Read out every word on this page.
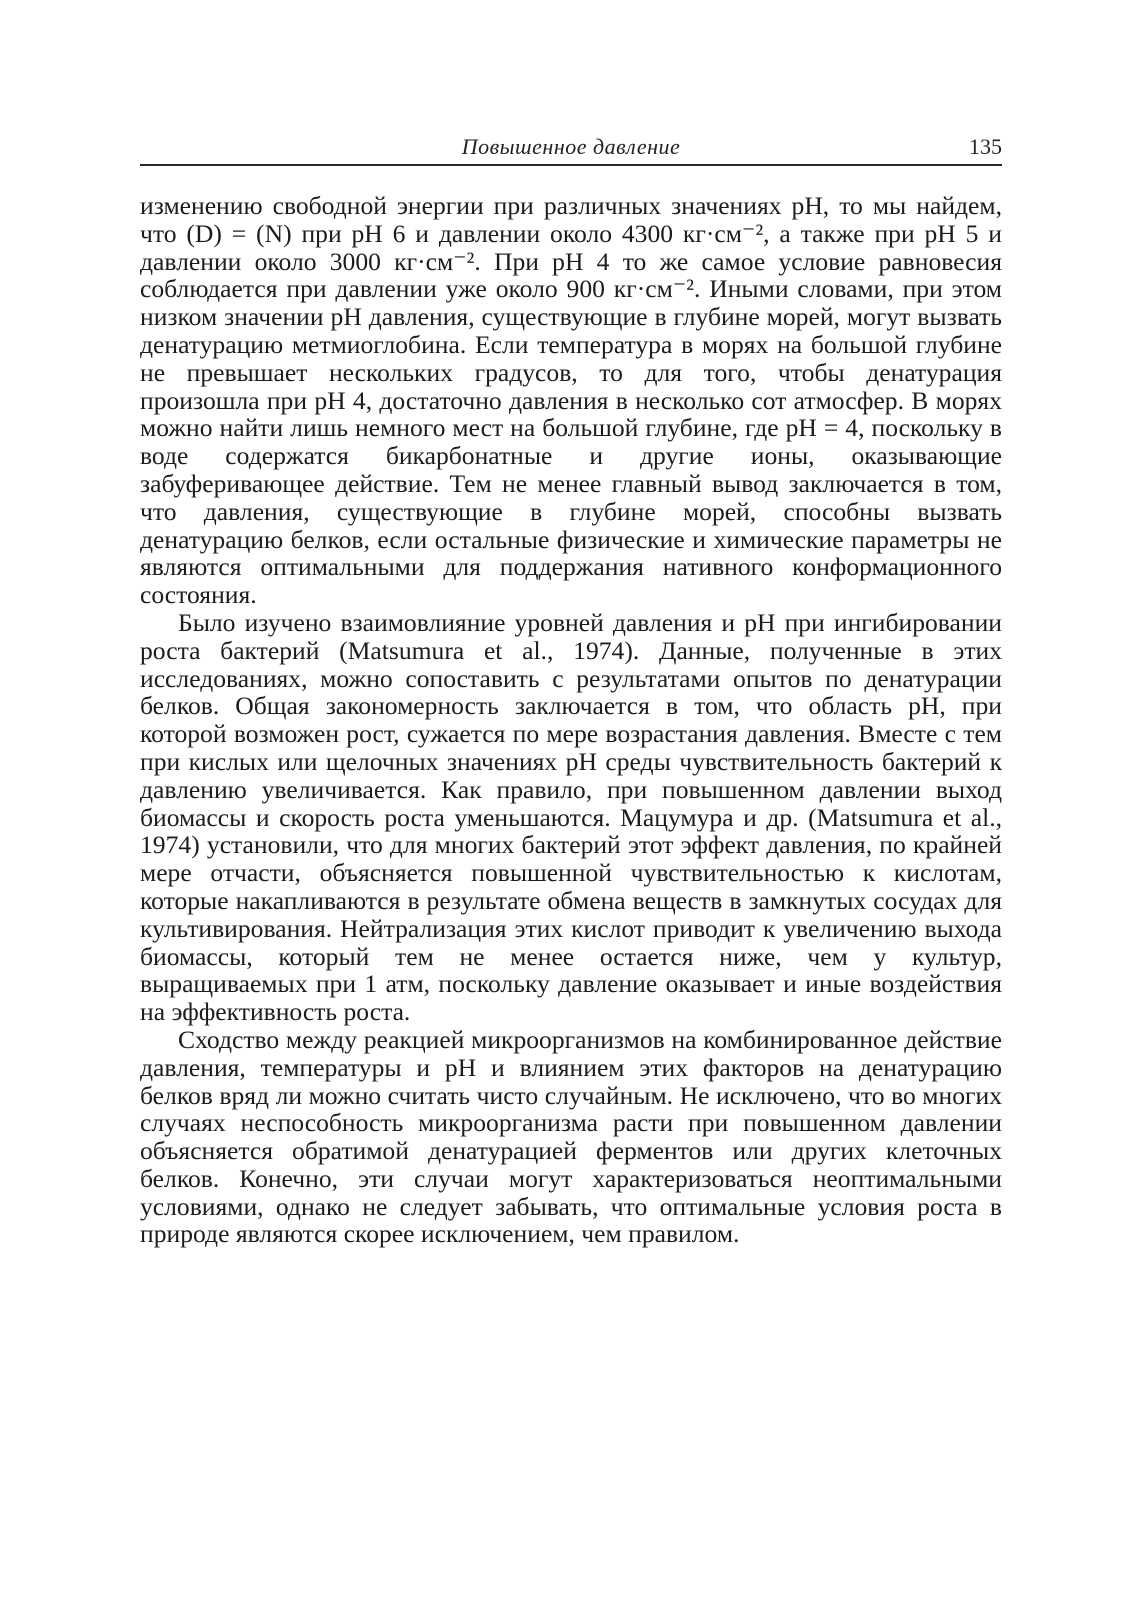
Повышенное давление	135

изменению свободной энергии при различных значениях pH, то мы найдем, что (D) = (N) при pH 6 и давлении около 4300 кг·см⁻², а также при pH 5 и давлении около 3000 кг·см⁻². При pH 4 то же самое условие равновесия соблюдается при давлении уже около 900 кг·см⁻². Иными словами, при этом низком значении pH давления, существующие в глубине морей, могут вызвать денатурацию метмиоглобина. Если температура в морях на большой глубине не превышает нескольких градусов, то для того, чтобы денатурация произошла при pH 4, достаточно давления в несколько сот атмосфер. В морях можно найти лишь немного мест на большой глубине, где pH = 4, поскольку в воде содержатся бикарбонатные и другие ионы, оказывающие забуферивающее действие. Тем не менее главный вывод заключается в том, что давления, существующие в глубине морей, способны вызвать денатурацию белков, если остальные физические и химические параметры не являются оптимальными для поддержания нативного конформационного состояния.

Было изучено взаимовлияние уровней давления и pH при ингибировании роста бактерий (Matsumura et al., 1974). Данные, полученные в этих исследованиях, можно сопоставить с результатами опытов по денатурации белков. Общая закономерность заключается в том, что область pH, при которой возможен рост, сужается по мере возрастания давления. Вместе с тем при кислых или щелочных значениях pH среды чувствительность бактерий к давлению увеличивается. Как правило, при повышенном давлении выход биомассы и скорость роста уменьшаются. Мацумура и др. (Matsumura et al., 1974) установили, что для многих бактерий этот эффект давления, по крайней мере отчасти, объясняется повышенной чувствительностью к кислотам, которые накапливаются в результате обмена веществ в замкнутых сосудах для культивирования. Нейтрализация этих кислот приводит к увеличению выхода биомассы, который тем не менее остается ниже, чем у культур, выращиваемых при 1 атм, поскольку давление оказывает и иные воздействия на эффективность роста.

Сходство между реакцией микроорганизмов на комбинированное действие давления, температуры и pH и влиянием этих факторов на денатурацию белков вряд ли можно считать чисто случайным. Не исключено, что во многих случаях неспособность микроорганизма расти при повышенном давлении объясняется обратимой денатурацией ферментов или других клеточных белков. Конечно, эти случаи могут характеризоваться неоптимальными условиями, однако не следует забывать, что оптимальные условия роста в природе являются скорее исключением, чем правилом.
